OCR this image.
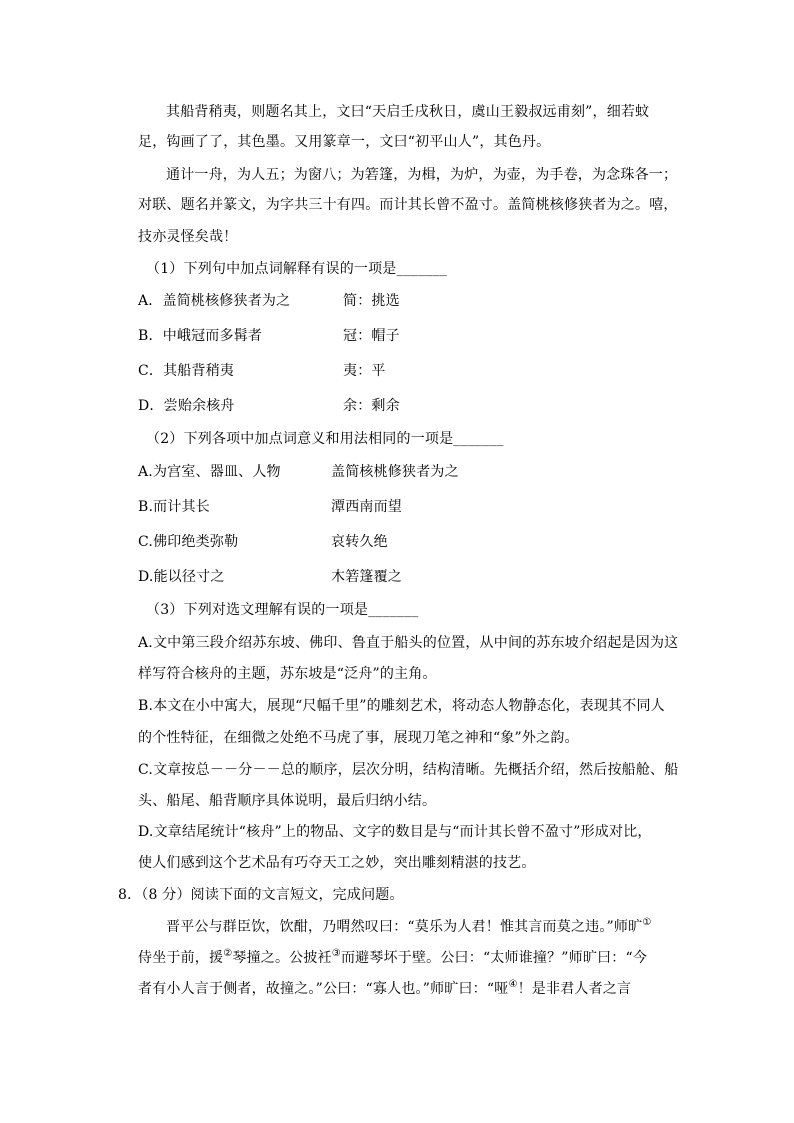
其船背稍夷，则题名其上，文曰“天启壬戌秋日，虞山王毅叔远甫刻”，细若蚊
足，钩画了了，其色墨。又用篆章一，文曰“初平山人”，其色丹。
通计一舟，为人五；为窗八；为箬篷，为楫，为炉，为壶，为手卷，为念珠各一；
对联、题名并篆文，为字共三十有四。而计其长曾不盈寸。盖简桃核修狭者为之。嘻，
技亦灵怪矣哉！
（1）下列句中加点词解释有误的一项是_______
A．盖简桃核修狭者为之	简：挑选
B．中峨冠而多髯者	冠：帽子
C．其船背稍夷	夷：平
D．尝贻余核舟	余：剩余
（2）下列各项中加点词意义和用法相同的一项是_______
A.为宫室、器皿、人物	盖简核桃修狭者为之
B.而计其长	潭西南而望
C.佛印绝类弥勒	哀转久绝
D.能以径寸之	木箬篷覆之
（3）下列对选文理解有误的一项是_______
A.文中第三段介绍苏东坡、佛印、鲁直于船头的位置，从中间的苏东坡介绍起是因为这
样写符合核舟的主题，苏东坡是“泛舟”的主角。
B.本文在小中寓大，展现“尺幅千里”的雕刻艺术，将动态人物静态化，表现其不同人
的个性特征，在细微之处绝不马虎了事，展现刀笔之神和“象”外之韵。
C.文章按总－－分－－总的顺序，层次分明，结构清晰。先概括介绍，然后按船舱、船
头、船尾、船背顺序具体说明，最后归纳小结。
D.文章结尾统计“核舟”上的物品、文字的数目是与“而计其长曾不盈寸”形成对比，
使人们感到这个艺术品有巧夺天工之妙，突出雕刻精湛的技艺。
8．（8 分）阅读下面的文言短文，完成问题。
晋平公与群臣饮，饮酣，乃喟然叹曰：“莫乐为人君！惟其言而莫之违。”师旷①
侍坐于前，援②琴撞之。公披衽③而避琴坏于壁。公曰：“太师谁撞？”师旷曰：“今
者有小人言于侧者，故撞之。”公曰：“寡人也。”师旷曰：“哑④！是非君人者之言
